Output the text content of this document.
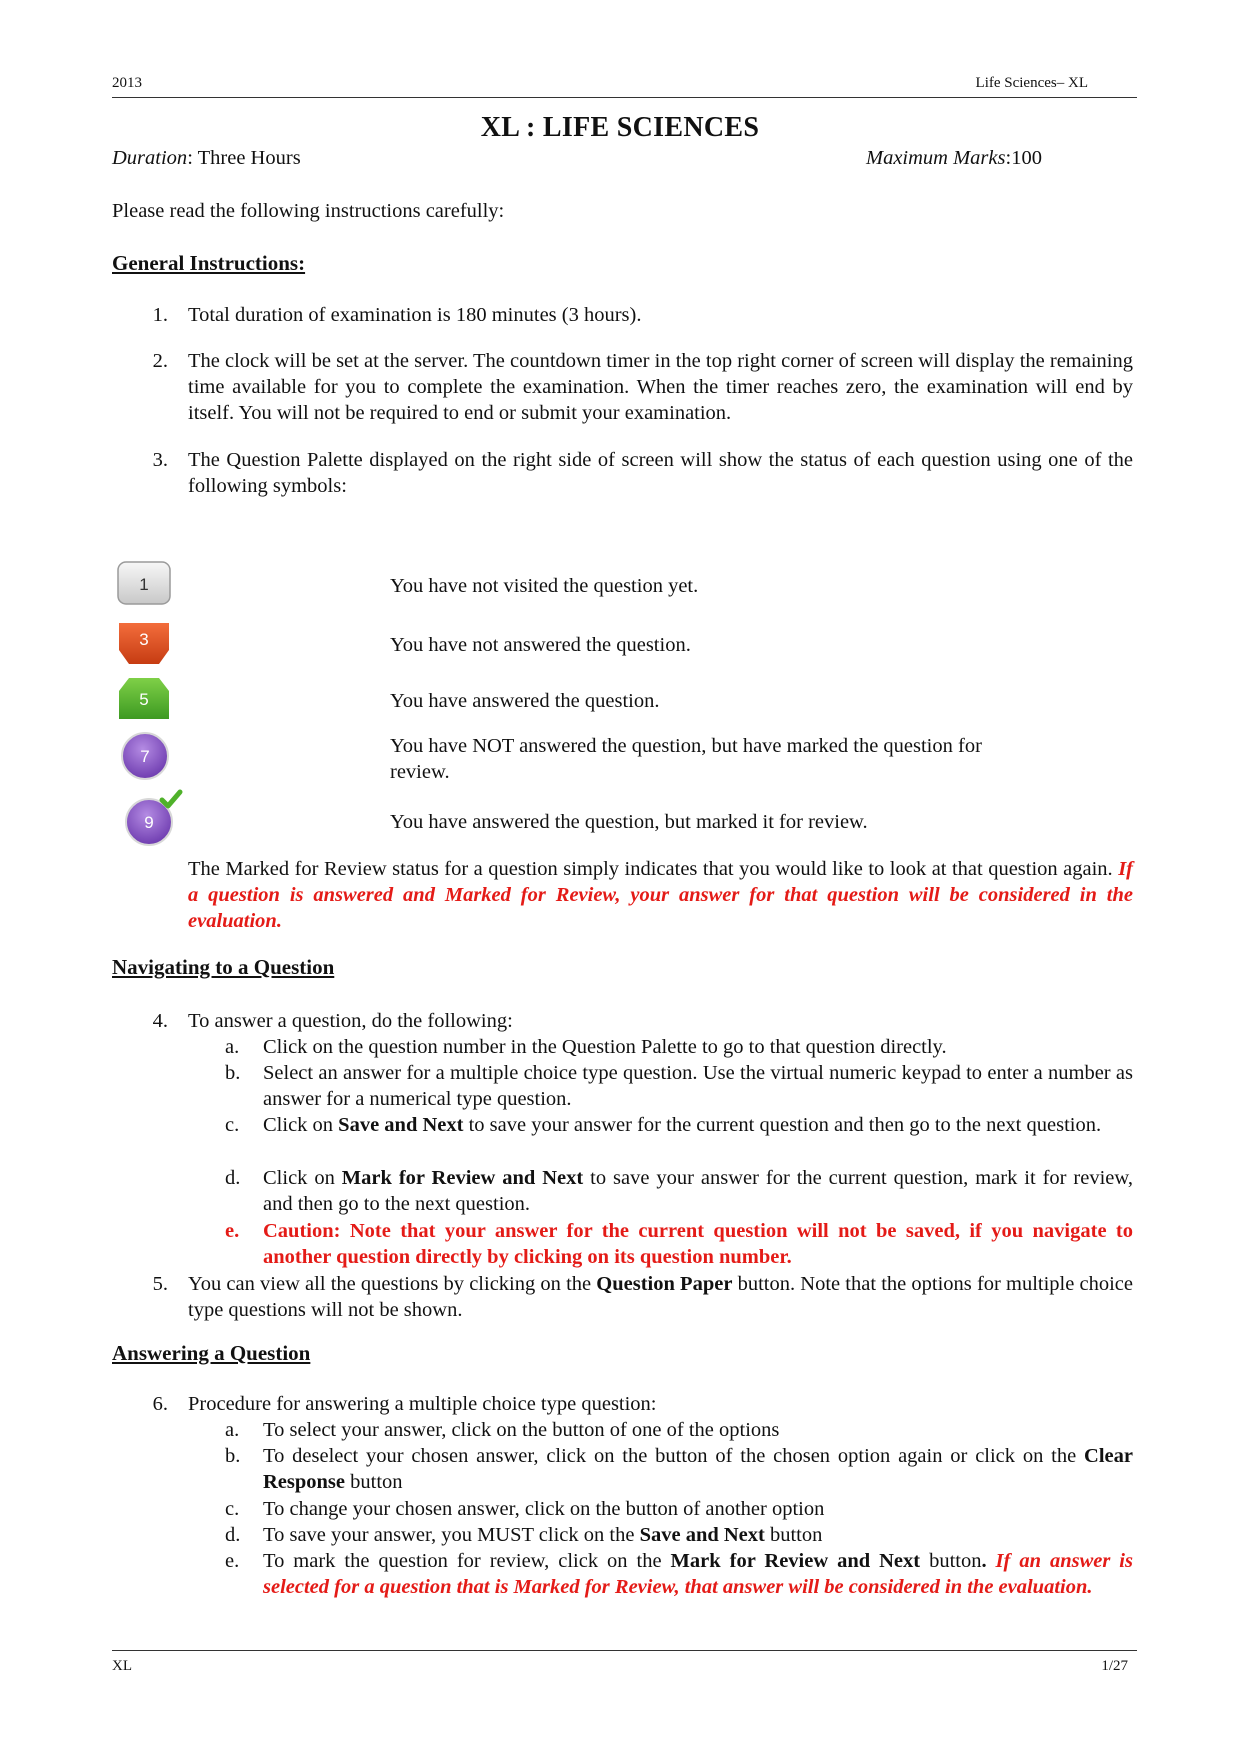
2013	Life Sciences– XL
XL : LIFE SCIENCES
Duration: Three Hours	Maximum Marks:100
Please read the following instructions carefully:
General Instructions:
1. Total duration of examination is 180 minutes (3 hours).
2. The clock will be set at the server. The countdown timer in the top right corner of screen will display the remaining time available for you to complete the examination. When the timer reaches zero, the examination will end by itself. You will not be required to end or submit your examination.
3. The Question Palette displayed on the right side of screen will show the status of each question using one of the following symbols:
1	You have not visited the question yet.
3	You have not answered the question.
5	You have answered the question.
7	You have NOT answered the question, but have marked the question for review.
9	You have answered the question, but marked it for review.
The Marked for Review status for a question simply indicates that you would like to look at that question again. If a question is answered and Marked for Review, your answer for that question will be considered in the evaluation.
Navigating to a Question
4. To answer a question, do the following:
a.	Click on the question number in the Question Palette to go to that question directly.
b.	Select an answer for a multiple choice type question. Use the virtual numeric keypad to enter a number as answer for a numerical type question.
c.	Click on Save and Next to save your answer for the current question and then go to the next question.
d.	Click on Mark for Review and Next to save your answer for the current question, mark it for review, and then go to the next question.
e.	Caution: Note that your answer for the current question will not be saved, if you navigate to another question directly by clicking on its question number.
5. You can view all the questions by clicking on the Question Paper button. Note that the options for multiple choice type questions will not be shown.
Answering a Question
6. Procedure for answering a multiple choice type question:
a.	To select your answer, click on the button of one of the options
b.	To deselect your chosen answer, click on the button of the chosen option again or click on the Clear Response button
c.	To change your chosen answer, click on the button of another option
d.	To save your answer, you MUST click on the Save and Next button
e.	To mark the question for review, click on the Mark for Review and Next button. If an answer is selected for a question that is Marked for Review, that answer will be considered in the evaluation.
XL	1/27
